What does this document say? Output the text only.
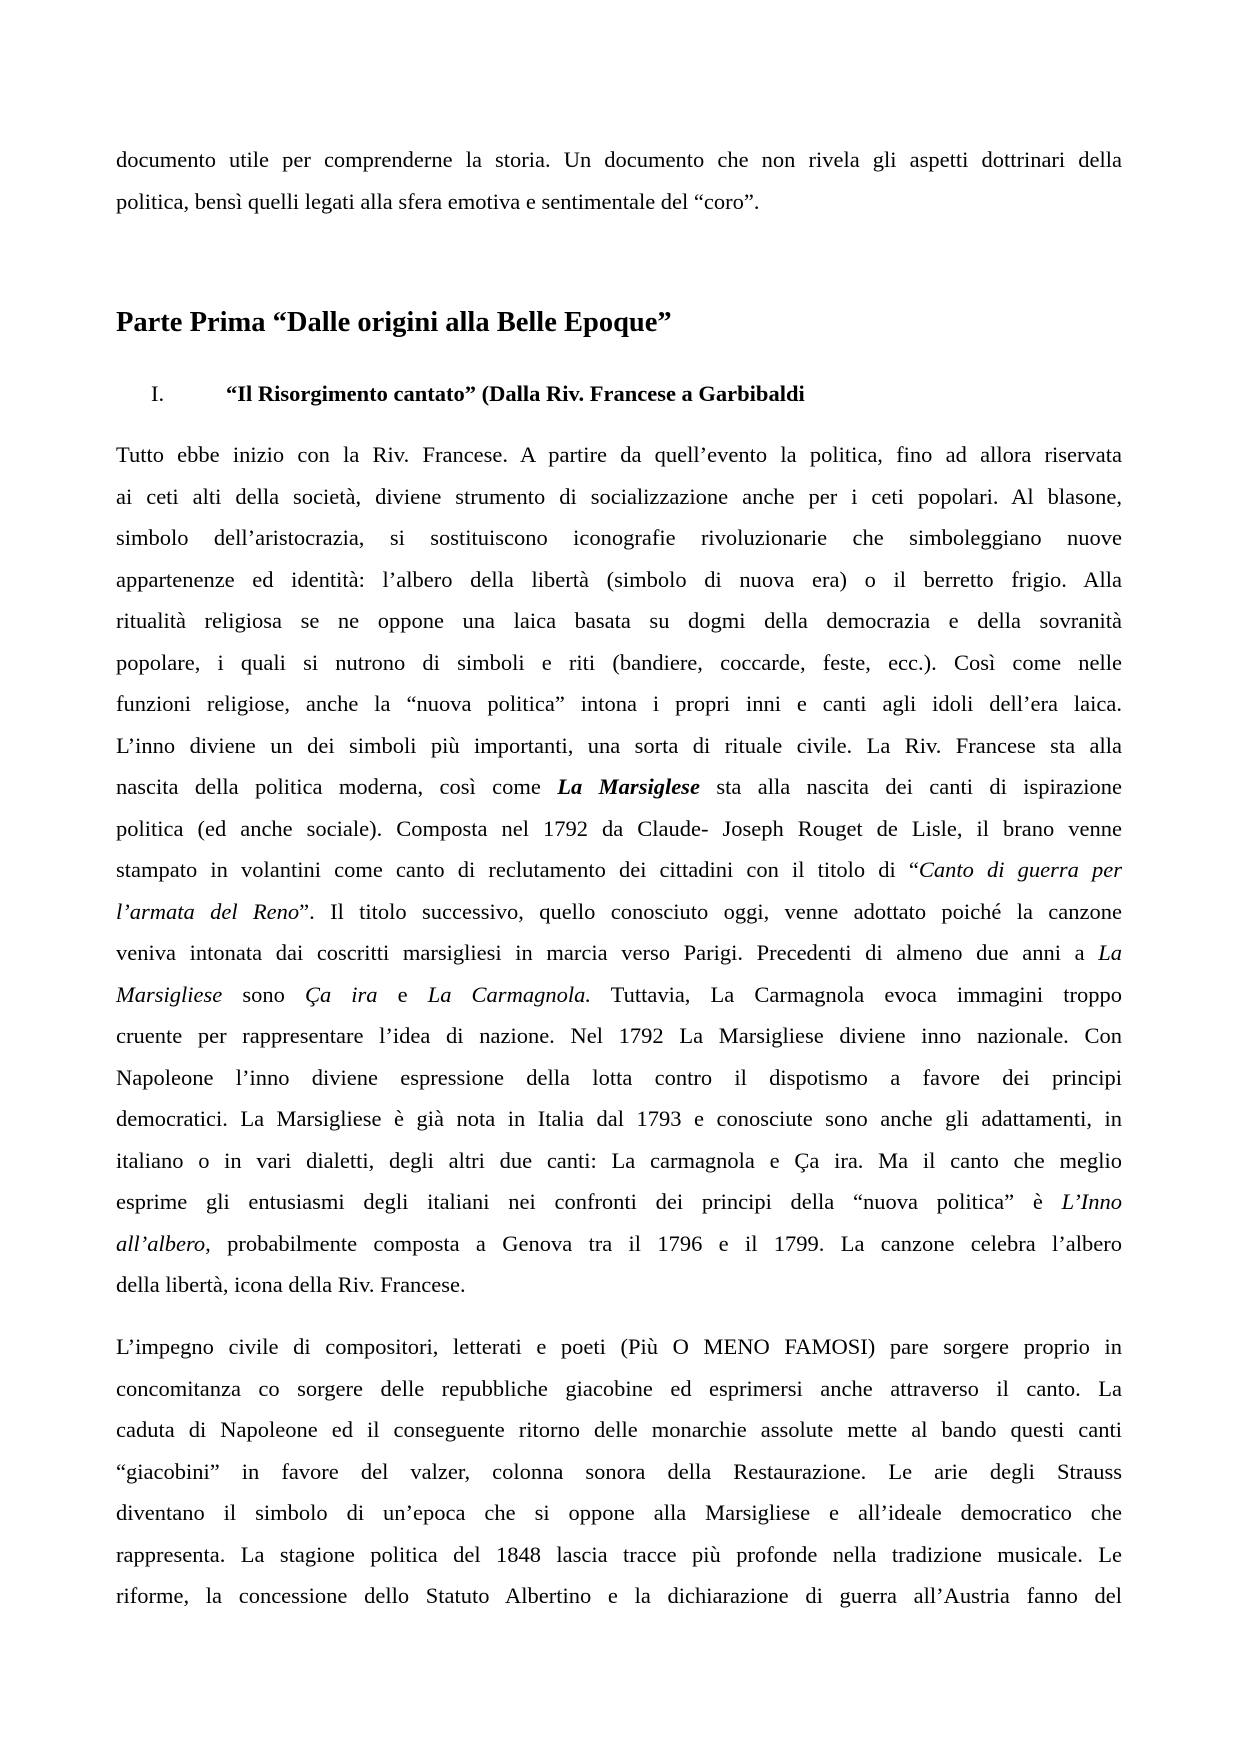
documento utile per comprenderne la storia. Un documento che non rivela gli aspetti dottrinari della
politica, bensì quelli legati alla sfera emotiva e sentimentale del “coro”.
Parte Prima “Dalle origini alla Belle Epoque”
I.	“Il Risorgimento cantato” (Dalla Riv. Francese a Garbibaldi
Tutto ebbe inizio con la Riv. Francese. A partire da quell’evento la politica, fino ad allora riservata
ai ceti alti della società, diviene strumento di socializzazione anche per i ceti popolari. Al blasone,
simbolo dell’aristocrazia, si sostituiscono iconografie rivoluzionarie che simboleggiano nuove
appartenenze ed identità: l’albero della libertà (simbolo di nuova era) o il berretto frigio. Alla
ritualità religiosa se ne oppone una laica basata su dogmi della democrazia e della sovranità
popolare, i quali si nutrono di simboli e riti (bandiere, coccarde, feste, ecc.). Così come nelle
funzioni religiose, anche la “nuova politica” intona i propri inni e canti agli idoli dell’era laica.
L’inno diviene un dei simboli più importanti, una sorta di rituale civile. La Riv. Francese sta alla
nascita della politica moderna, così come La Marsiglese sta alla nascita dei canti di ispirazione
politica (ed anche sociale). Composta nel 1792 da Claude- Joseph Rouget de Lisle, il brano venne
stampato in volantini come canto di reclutamento dei cittadini con il titolo di “Canto di guerra per
l’armata del Reno”. Il titolo successivo, quello conosciuto oggi, venne adottato poiché la canzone
veniva intonata dai coscritti marsigliesi in marcia verso Parigi. Precedenti di almeno due anni a La
Marsigliese sono Ça ira e La Carmagnola. Tuttavia, La Carmagnola evoca immagini troppo
cruente per rappresentare l’idea di nazione. Nel 1792 La Marsigliese diviene inno nazionale. Con
Napoleone l’inno diviene espressione della lotta contro il dispotismo a favore dei principi
democratici. La Marsigliese è già nota in Italia dal 1793 e conosciute sono anche gli adattamenti, in
italiano o in vari dialetti, degli altri due canti: La carmagnola e Ça ira. Ma il canto che meglio
esprime gli entusiasmi degli italiani nei confronti dei principi della “nuova politica” è L’Inno
all’albero, probabilmente composta a Genova tra il 1796 e il 1799. La canzone celebra l’albero
della libertà, icona della Riv. Francese.
L’impegno civile di compositori, letterati e poeti (Più O MENO FAMOSI) pare sorgere proprio in
concomitanza co sorgere delle repubbliche giacobine ed esprimersi anche attraverso il canto. La
caduta di Napoleone ed il conseguente ritorno delle monarchie assolute mette al bando questi canti
“giacobini” in favore del valzer, colonna sonora della Restaurazione. Le arie degli Strauss
diventano il simbolo di un’epoca che si oppone alla Marsigliese e all’ideale democratico che
rappresenta. La stagione politica del 1848 lascia tracce più profonde nella tradizione musicale. Le
riforme, la concessione dello Statuto Albertino e la dichiarazione di guerra all’Austria fanno del
